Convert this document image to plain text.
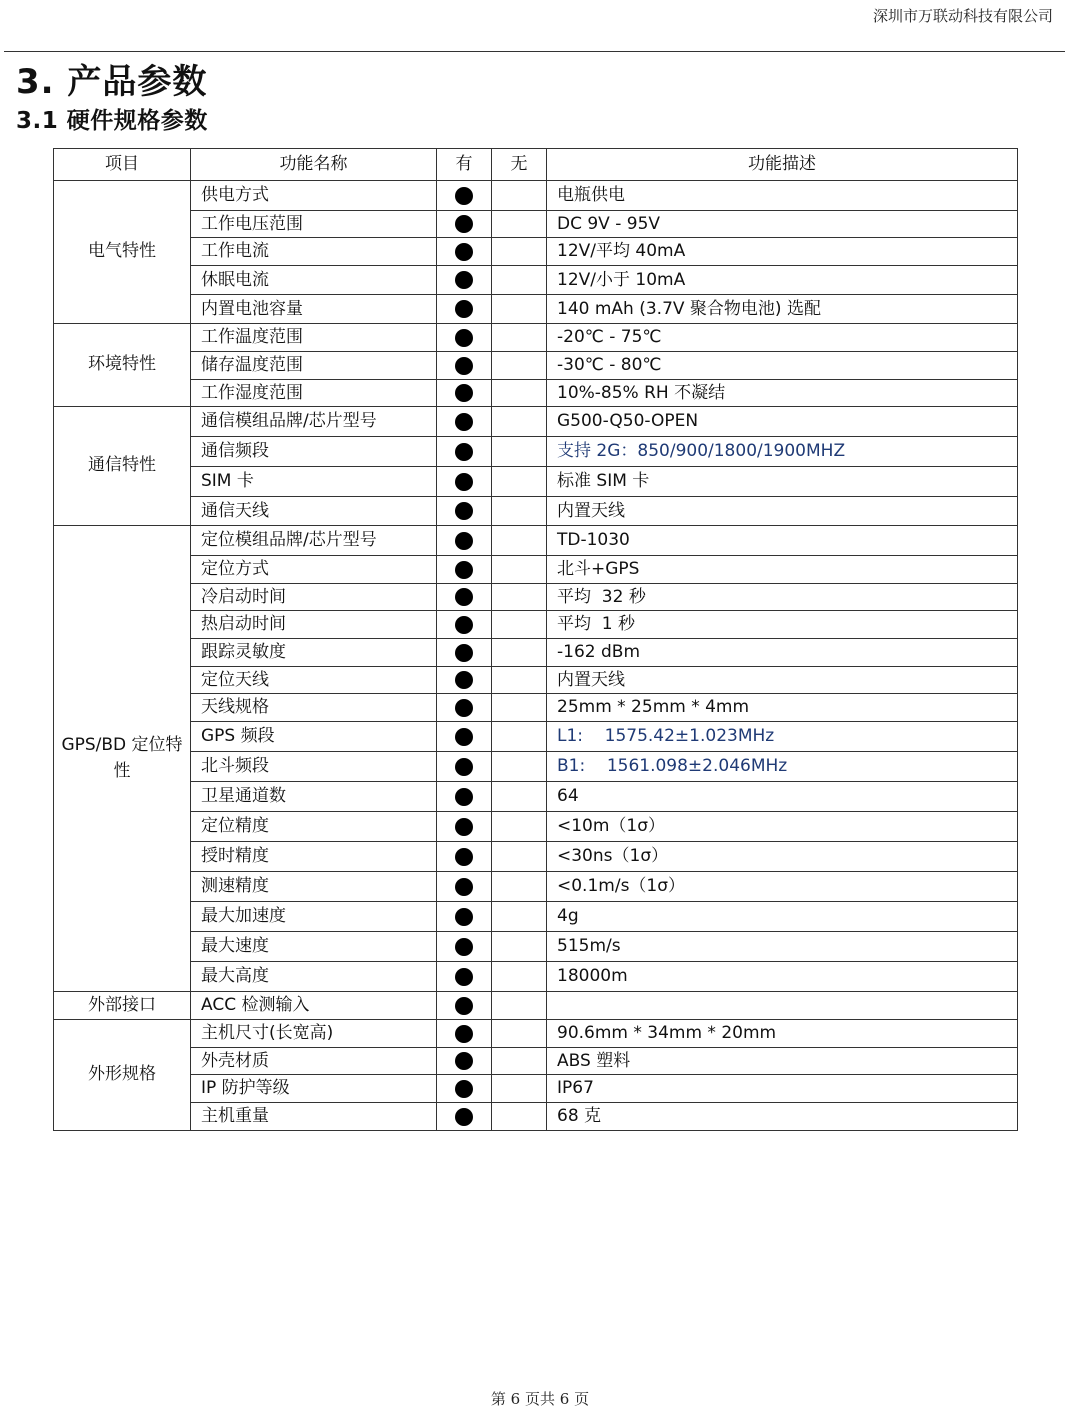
深圳市万联动科技有限公司
3. 产品参数
3.1 硬件规格参数
项目	功能名称	有	无	功能描述
电气特性	供电方式			电瓶供电
	工作电压范围			DC 9V - 95V
	工作电流			12V/平均 40mA
	休眠电流			12V/小于 10mA
	内置电池容量			140 mAh (3.7V 聚合物电池) 选配
环境特性	工作温度范围			-20℃ - 75℃
	储存温度范围			-30℃ - 80℃
	工作湿度范围			10%-85% RH 不凝结
通信特性	通信模组品牌/芯片型号			G500-Q50-OPEN
	通信频段			支持 2G：850/900/1800/1900MHZ
	SIM 卡			标准 SIM 卡
	通信天线			内置天线
GPS/BD 定位特性	定位模组品牌/芯片型号			TD-1030
	定位方式			北斗+GPS
	冷启动时间			平均  32 秒
	热启动时间			平均  1 秒
	跟踪灵敏度			-162 dBm
	定位天线			内置天线
	天线规格			25mm * 25mm * 4mm
	GPS 频段			L1:    1575.42±1.023MHz
	北斗频段			B1:    1561.098±2.046MHz
	卫星通道数			64
	定位精度			<10m（1σ）
	授时精度			<30ns（1σ）
	测速精度			<0.1m/s（1σ）
	最大加速度			4g
	最大速度			515m/s
	最大高度			18000m
外部接口	ACC 检测输入			
外形规格	主机尺寸(长宽高)			90.6mm * 34mm * 20mm
	外壳材质			ABS 塑料
	IP 防护等级			IP67
	主机重量			68 克
第 6 页共 6 页
